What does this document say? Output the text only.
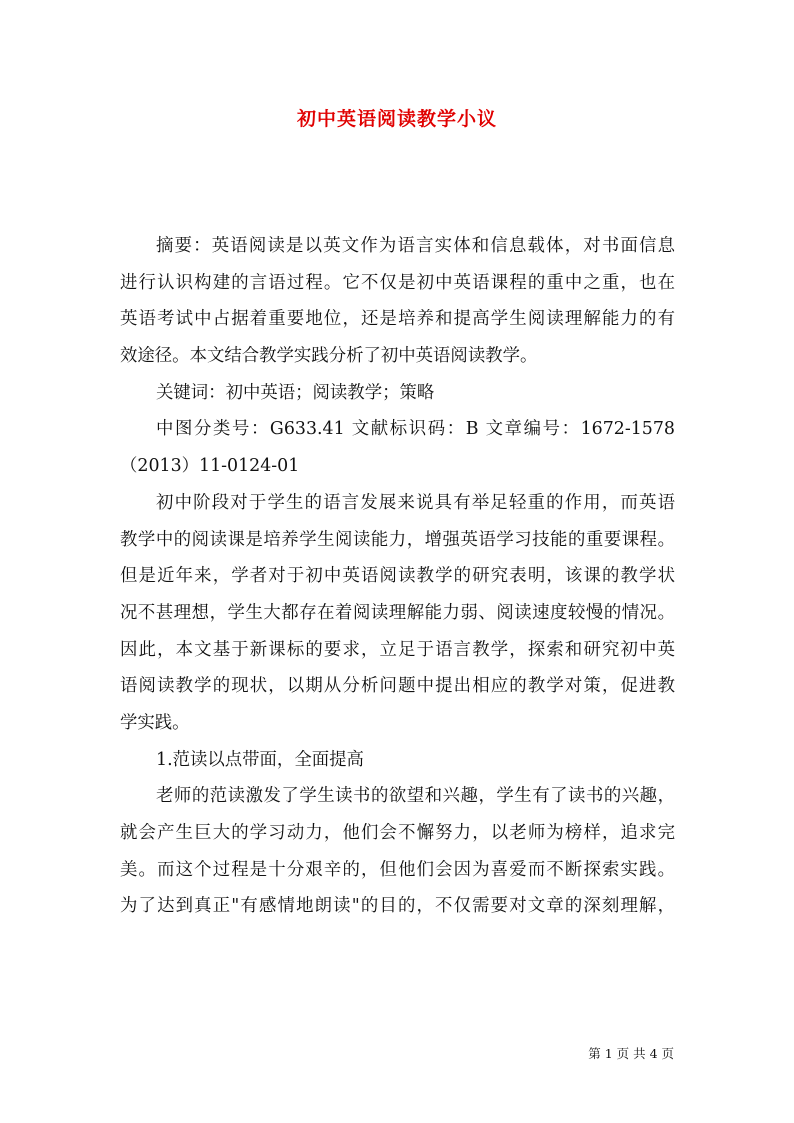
初中英语阅读教学小议
摘要：英语阅读是以英文作为语言实体和信息载体，对书面信息
进行认识构建的言语过程。它不仅是初中英语课程的重中之重，也在
英语考试中占据着重要地位，还是培养和提高学生阅读理解能力的有
效途径。本文结合教学实践分析了初中英语阅读教学。
关键词：初中英语；阅读教学；策略
中图分类号：G633.41 文献标识码：B 文章编号：1672-1578
（2013）11-0124-01
初中阶段对于学生的语言发展来说具有举足轻重的作用，而英语
教学中的阅读课是培养学生阅读能力，增强英语学习技能的重要课程。
但是近年来，学者对于初中英语阅读教学的研究表明，该课的教学状
况不甚理想，学生大都存在着阅读理解能力弱、阅读速度较慢的情况。
因此，本文基于新课标的要求，立足于语言教学，探索和研究初中英
语阅读教学的现状，以期从分析问题中提出相应的教学对策，促进教
学实践。
1.范读以点带面，全面提高
老师的范读激发了学生读书的欲望和兴趣，学生有了读书的兴趣，
就会产生巨大的学习动力，他们会不懈努力，以老师为榜样，追求完
美。而这个过程是十分艰辛的，但他们会因为喜爱而不断探索实践。
为了达到真正"有感情地朗读"的目的，不仅需要对文章的深刻理解，
第 1 页 共 4 页
